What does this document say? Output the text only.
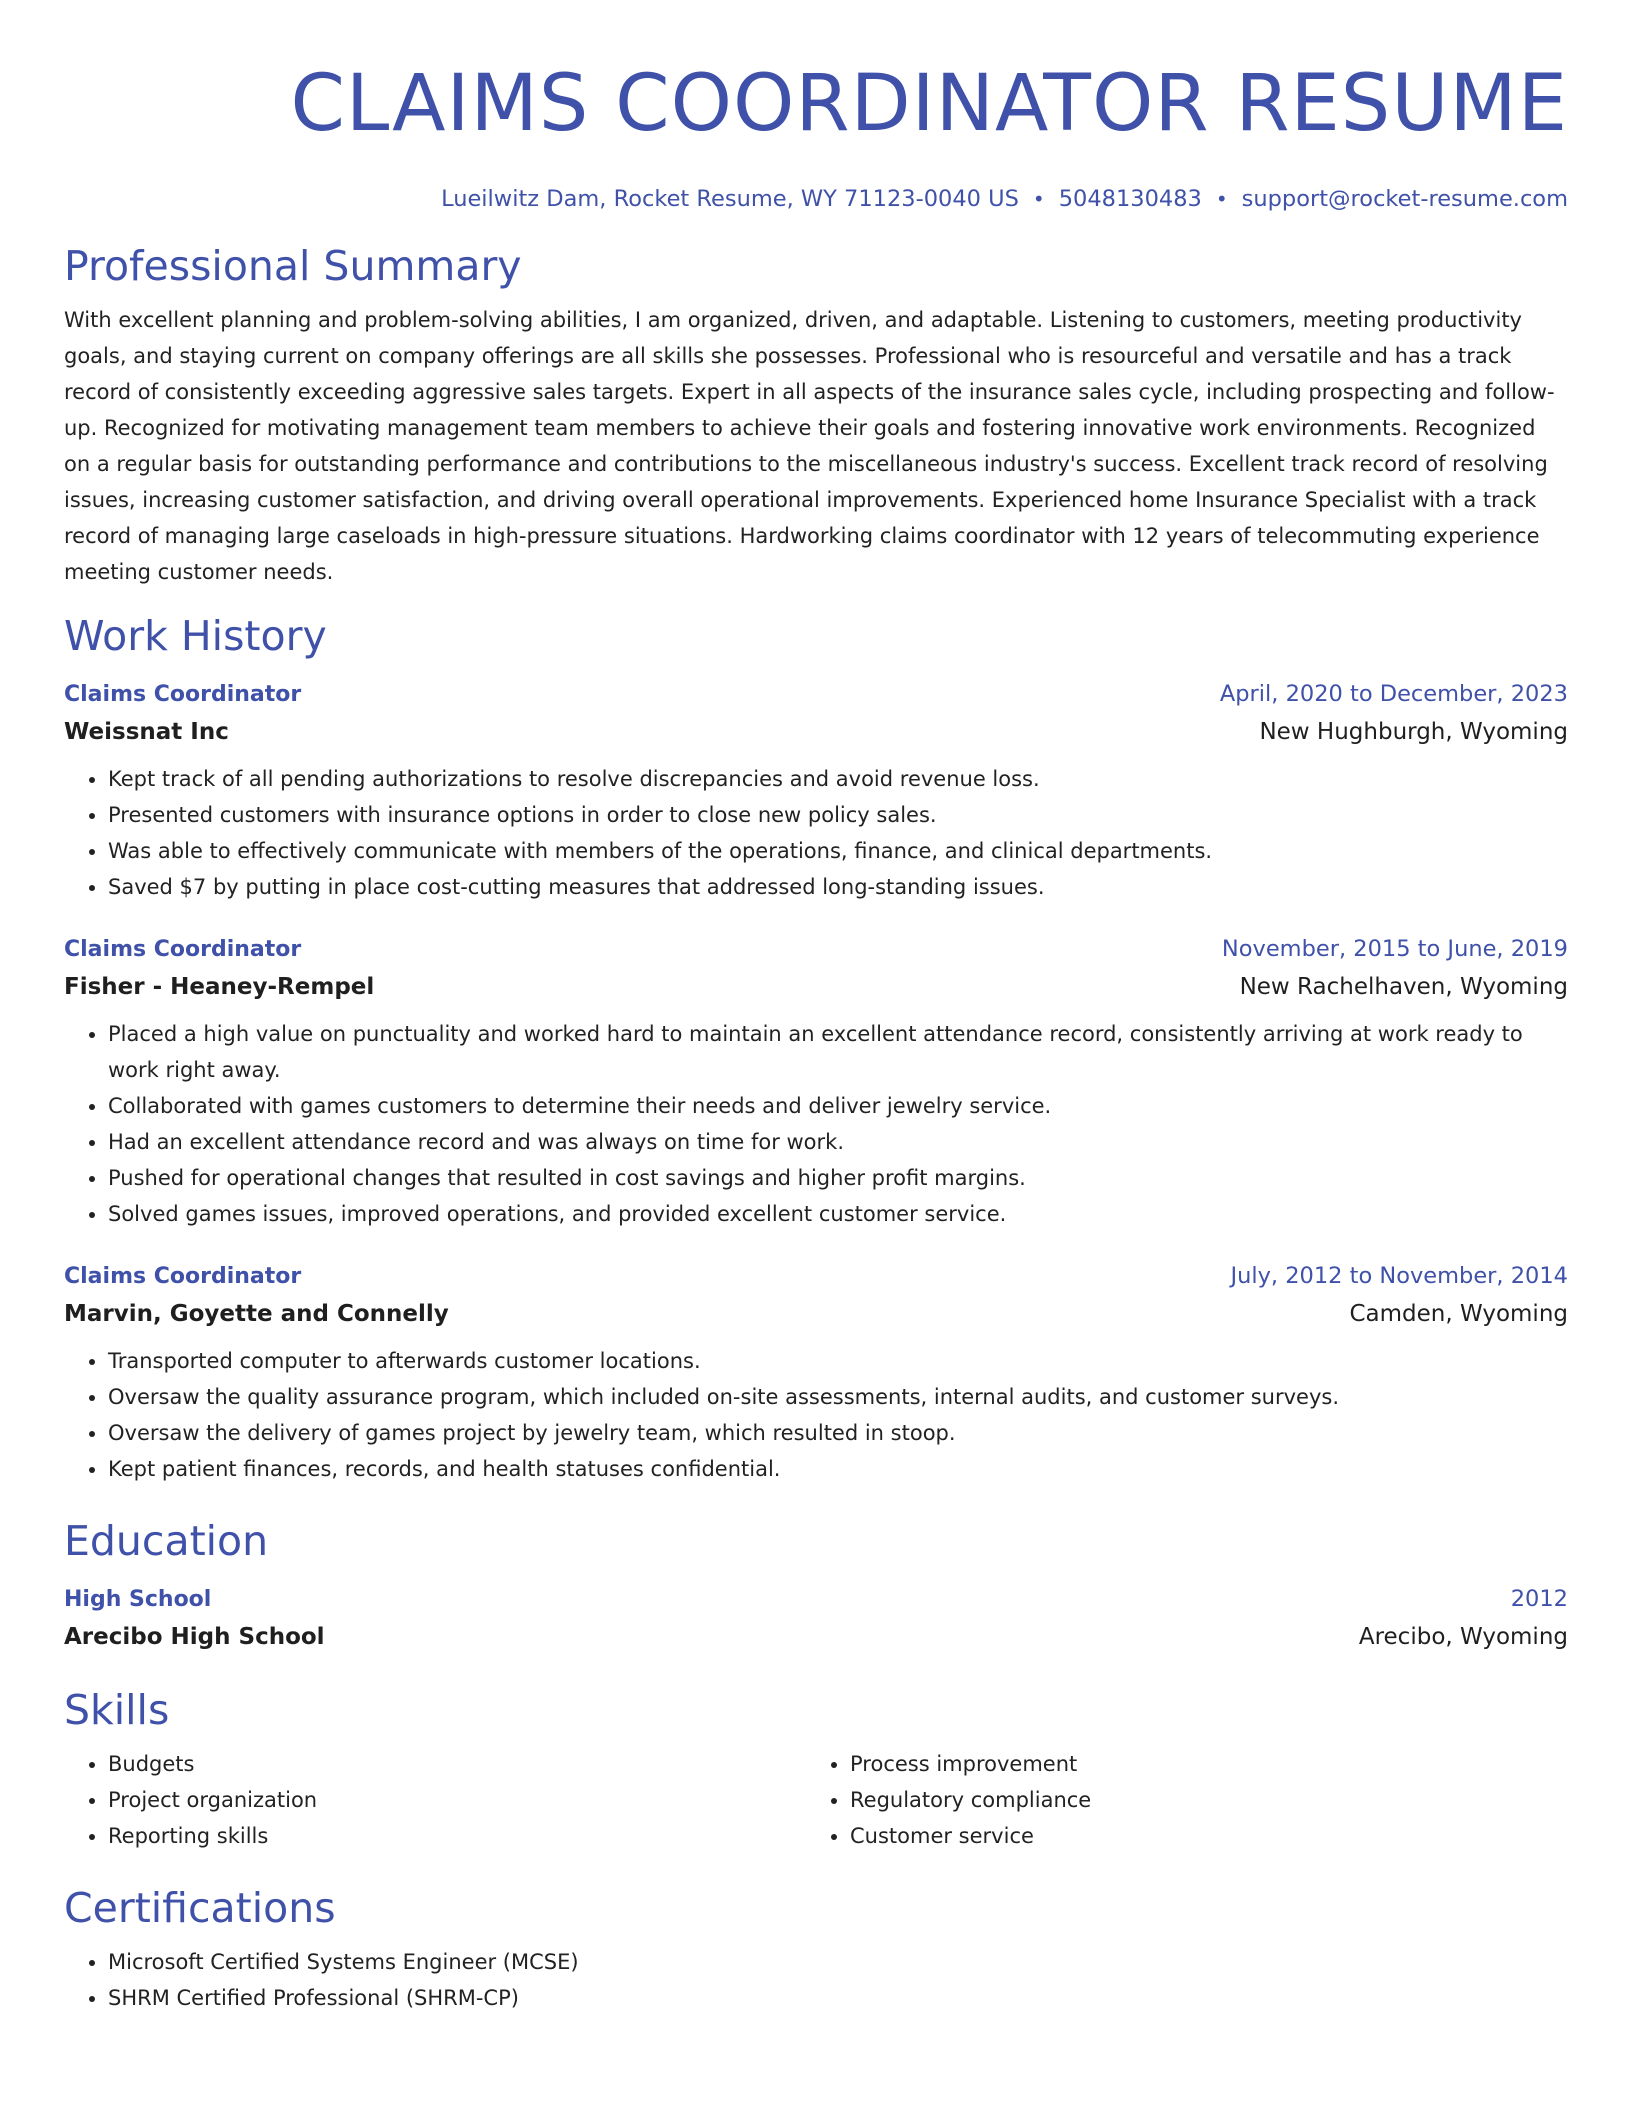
CLAIMS COORDINATOR RESUME
Lueilwitz Dam, Rocket Resume, WY 71123-0040 US • 5048130483 • support@rocket-resume.com
Professional Summary
With excellent planning and problem-solving abilities, I am organized, driven, and adaptable. Listening to customers, meeting productivity goals, and staying current on company offerings are all skills she possesses. Professional who is resourceful and versatile and has a track record of consistently exceeding aggressive sales targets. Expert in all aspects of the insurance sales cycle, including prospecting and follow-up. Recognized for motivating management team members to achieve their goals and fostering innovative work environments. Recognized on a regular basis for outstanding performance and contributions to the miscellaneous industry's success. Excellent track record of resolving issues, increasing customer satisfaction, and driving overall operational improvements. Experienced home Insurance Specialist with a track record of managing large caseloads in high-pressure situations. Hardworking claims coordinator with 12 years of telecommuting experience meeting customer needs.
Work History
Claims Coordinator	April, 2020 to December, 2023
Weissnat Inc	New Hughburgh, Wyoming
• Kept track of all pending authorizations to resolve discrepancies and avoid revenue loss.
• Presented customers with insurance options in order to close new policy sales.
• Was able to effectively communicate with members of the operations, finance, and clinical departments.
• Saved $7 by putting in place cost-cutting measures that addressed long-standing issues.
Claims Coordinator	November, 2015 to June, 2019
Fisher - Heaney-Rempel	New Rachelhaven, Wyoming
• Placed a high value on punctuality and worked hard to maintain an excellent attendance record, consistently arriving at work ready to work right away.
• Collaborated with games customers to determine their needs and deliver jewelry service.
• Had an excellent attendance record and was always on time for work.
• Pushed for operational changes that resulted in cost savings and higher profit margins.
• Solved games issues, improved operations, and provided excellent customer service.
Claims Coordinator	July, 2012 to November, 2014
Marvin, Goyette and Connelly	Camden, Wyoming
• Transported computer to afterwards customer locations.
• Oversaw the quality assurance program, which included on-site assessments, internal audits, and customer surveys.
• Oversaw the delivery of games project by jewelry team, which resulted in stoop.
• Kept patient finances, records, and health statuses confidential.
Education
High School	2012
Arecibo High School	Arecibo, Wyoming
Skills
• Budgets
• Project organization
• Reporting skills
• Process improvement
• Regulatory compliance
• Customer service
Certifications
• Microsoft Certified Systems Engineer (MCSE)
• SHRM Certified Professional (SHRM-CP)
